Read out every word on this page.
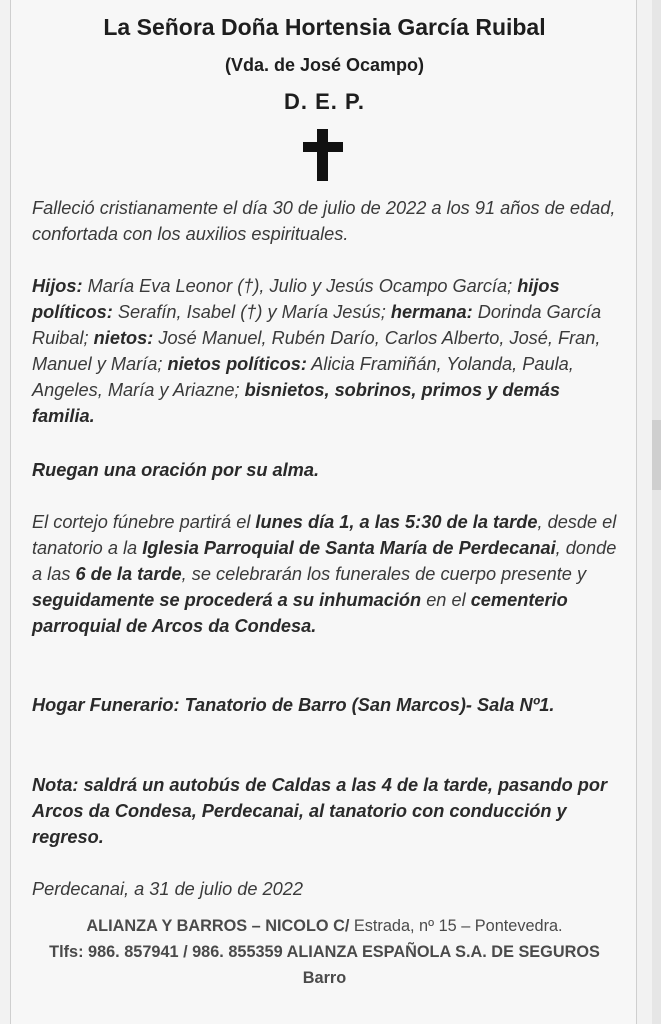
La Señora Doña Hortensia García Ruibal
(Vda. de José Ocampo)
D. E. P.

Falleció cristianamente el día 30 de julio de 2022 a los 91 años de edad, confortada con los auxilios espirituales.

Hijos: María Eva Leonor (†), Julio y Jesús Ocampo García; hijos políticos: Serafín, Isabel (†) y María Jesús; hermana: Dorinda García Ruibal; nietos: José Manuel, Rubén Darío, Carlos Alberto, José, Fran, Manuel y María; nietos políticos: Alicia Framiñán, Yolanda, Paula, Angeles, María y Ariazne; bisnietos, sobrinos, primos y demás familia.

Ruegan una oración por su alma.

El cortejo fúnebre partirá el lunes día 1, a las 5:30 de la tarde, desde el tanatorio a la Iglesia Parroquial de Santa María de Perdecanai, donde a las 6 de la tarde, se celebrarán los funerales de cuerpo presente y seguidamente se procederá a su inhumación en el cementerio parroquial de Arcos da Condesa.

Hogar Funerario: Tanatorio de Barro (San Marcos)- Sala Nº1.

Nota: saldrá un autobús de Caldas a las 4 de la tarde, pasando por Arcos da Condesa, Perdecanai, al tanatorio con conducción y regreso.

Perdecanai, a 31 de julio de 2022

ALIANZA Y BARROS – NICOLO C/ Estrada, nº 15 – Pontevedra.
Tlfs: 986. 857941 / 986. 855359 ALIANZA ESPAÑOLA S.A. DE SEGUROS
Barro
